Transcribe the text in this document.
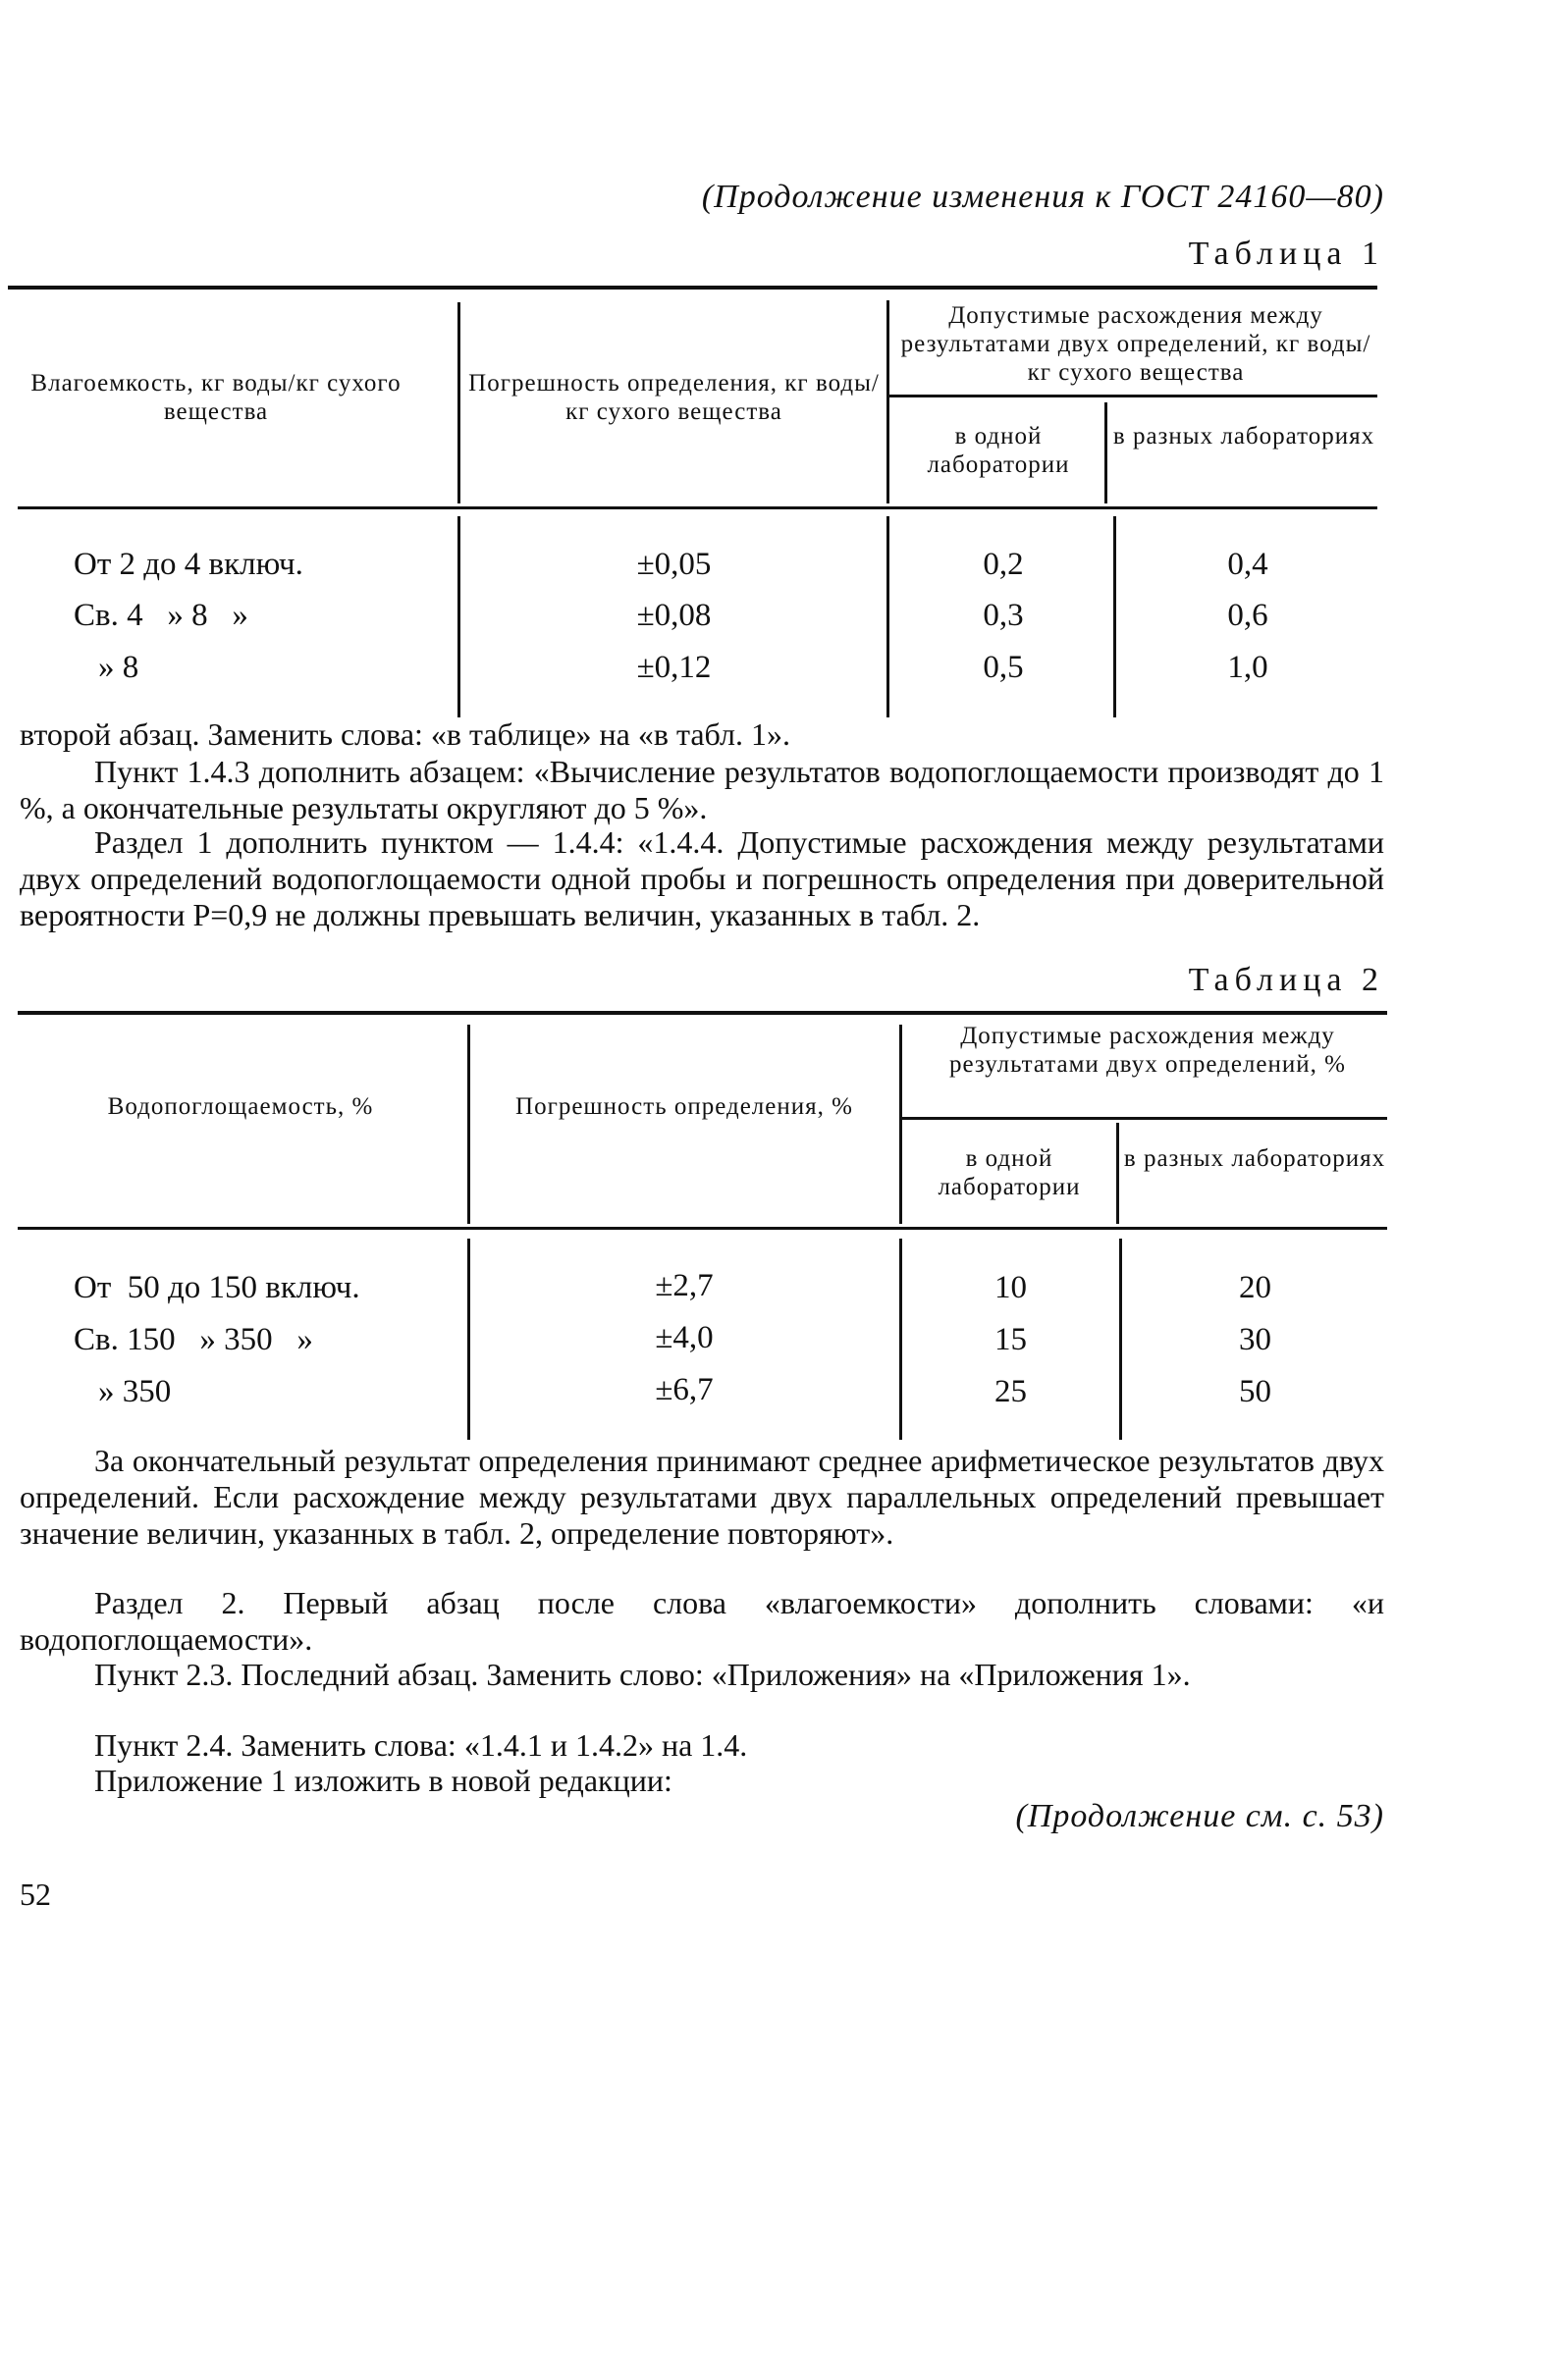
(Продолжение изменения к ГОСТ 24160—80)
Таблица 1
Влагоемкость, кг воды/кг сухого вещества
Погрешность определения, кг воды/кг сухого вещества
Допустимые расхождения между результатами двух определений, кг воды/кг сухого вещества
в одной лаборатории
в разных лабораториях
От 2 до 4 включ.	±0,05	0,2	0,4
Св. 4   » 8   »	±0,08	0,3	0,6
» 8	±0,12	0,5	1,0
второй абзац. Заменить слова: «в таблице» на «в табл. 1».
Пункт 1.4.3 дополнить абзацем: «Вычисление результатов водопоглощаемости производят до 1 %, а окончательные результаты округляют до 5 %».
Раздел 1 дополнить пунктом — 1.4.4: «1.4.4. Допустимые расхождения между результатами двух определений водопоглощаемости одной пробы и погрешность определения при доверительной вероятности P=0,9 не должны превышать величин, указанных в табл. 2.
Таблица 2
Водопоглощаемость, %	Погрешность определения, %
Допустимые расхождения между результатами двух определений, %
в одной лаборатории
в разных лабораториях
От  50 до 150 включ.	±2,7	10	20
Св. 150   » 350   »	±4,0	15	30
» 350	±6,7	25	50
За окончательный результат определения принимают среднее арифметическое результатов двух определений. Если расхождение между результатами двух параллельных определений превышает значение величин, указанных в табл. 2, определение повторяют».
Раздел 2. Первый абзац после слова «влагоемкости» дополнить словами: «и водопоглощаемости».
Пункт 2.3. Последний абзац. Заменить слово: «Приложения» на «Приложения 1».
Пункт 2.4. Заменить слова: «1.4.1 и 1.4.2» на 1.4.
Приложение 1 изложить в новой редакции:
(Продолжение см. с. 53)
52
